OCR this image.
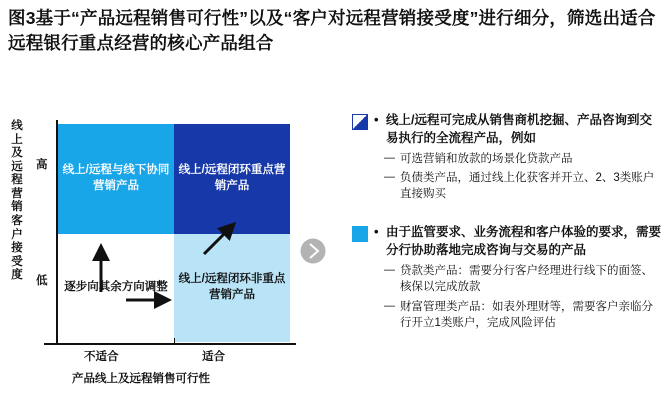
图3基于“产品远程销售可行性”以及“客户对远程营销接受度”进行细分，筛选出适合远程银行重点经营的核心产品组合
线上及远程营销客户接受度
高
低
线上/远程与线下协同营销产品
线上/远程闭环重点营销产品
逐步向其余方向调整
线上/远程闭环非重点营销产品
不适合	适合
产品线上及远程销售可行性
• 线上/远程可完成从销售商机挖掘、产品咨询到交易执行的全流程产品，例如
— 可选营销和放款的场景化贷款产品
— 负债类产品，通过线上化获客并开立、2、3类账户直接购买
• 由于监管要求、业务流程和客户体验的要求，需要分行协助落地完成咨询与交易的产品
— 贷款类产品：需要分行客户经理进行线下的面签、核保以完成放款
— 财富管理类产品：如表外理财等，需要客户亲临分行开立1类账户，完成风险评估
